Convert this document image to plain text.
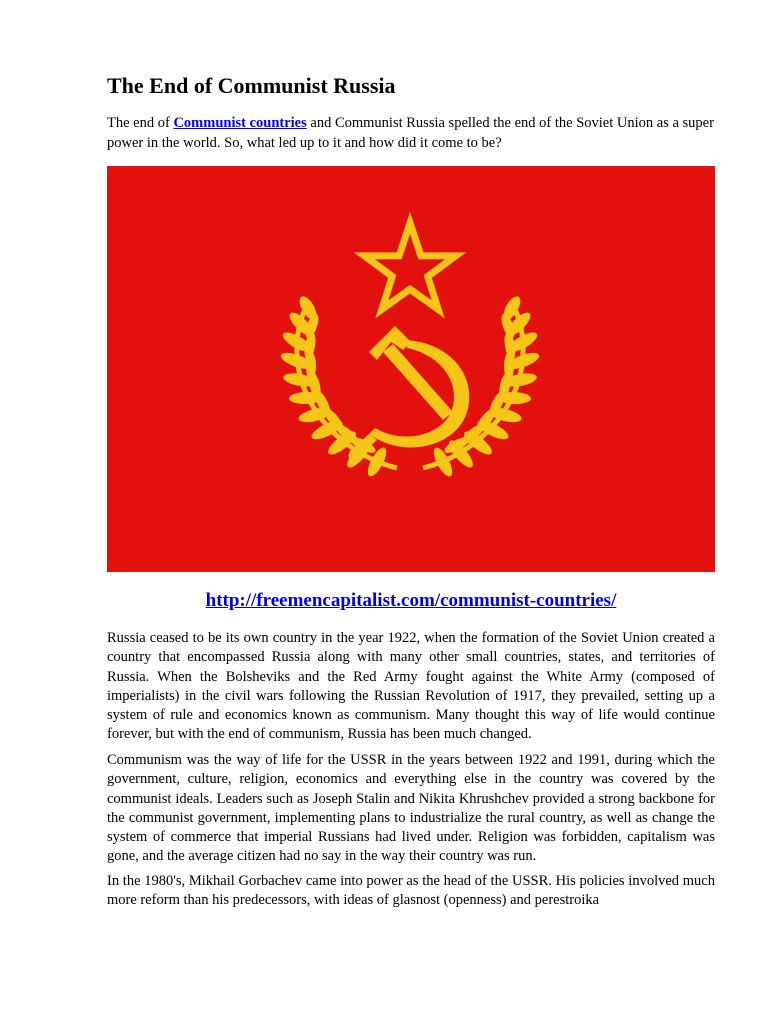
The End of Communist Russia

The end of Communist countries and Communist Russia spelled the end of the Soviet Union as a super power in the world. So, what led up to it and how did it come to be?

http://freemencapitalist.com/communist-countries/

Russia ceased to be its own country in the year 1922, when the formation of the Soviet Union created a country that encompassed Russia along with many other small countries, states, and territories of Russia. When the Bolsheviks and the Red Army fought against the White Army (composed of imperialists) in the civil wars following the Russian Revolution of 1917, they prevailed, setting up a system of rule and economics known as communism. Many thought this way of life would continue forever, but with the end of communism, Russia has been much changed.

Communism was the way of life for the USSR in the years between 1922 and 1991, during which the government, culture, religion, economics and everything else in the country was covered by the communist ideals. Leaders such as Joseph Stalin and Nikita Khrushchev provided a strong backbone for the communist government, implementing plans to industrialize the rural country, as well as change the system of commerce that imperial Russians had lived under. Religion was forbidden, capitalism was gone, and the average citizen had no say in the way their country was run.

In the 1980's, Mikhail Gorbachev came into power as the head of the USSR. His policies involved much more reform than his predecessors, with ideas of glasnost (openness) and perestroika
